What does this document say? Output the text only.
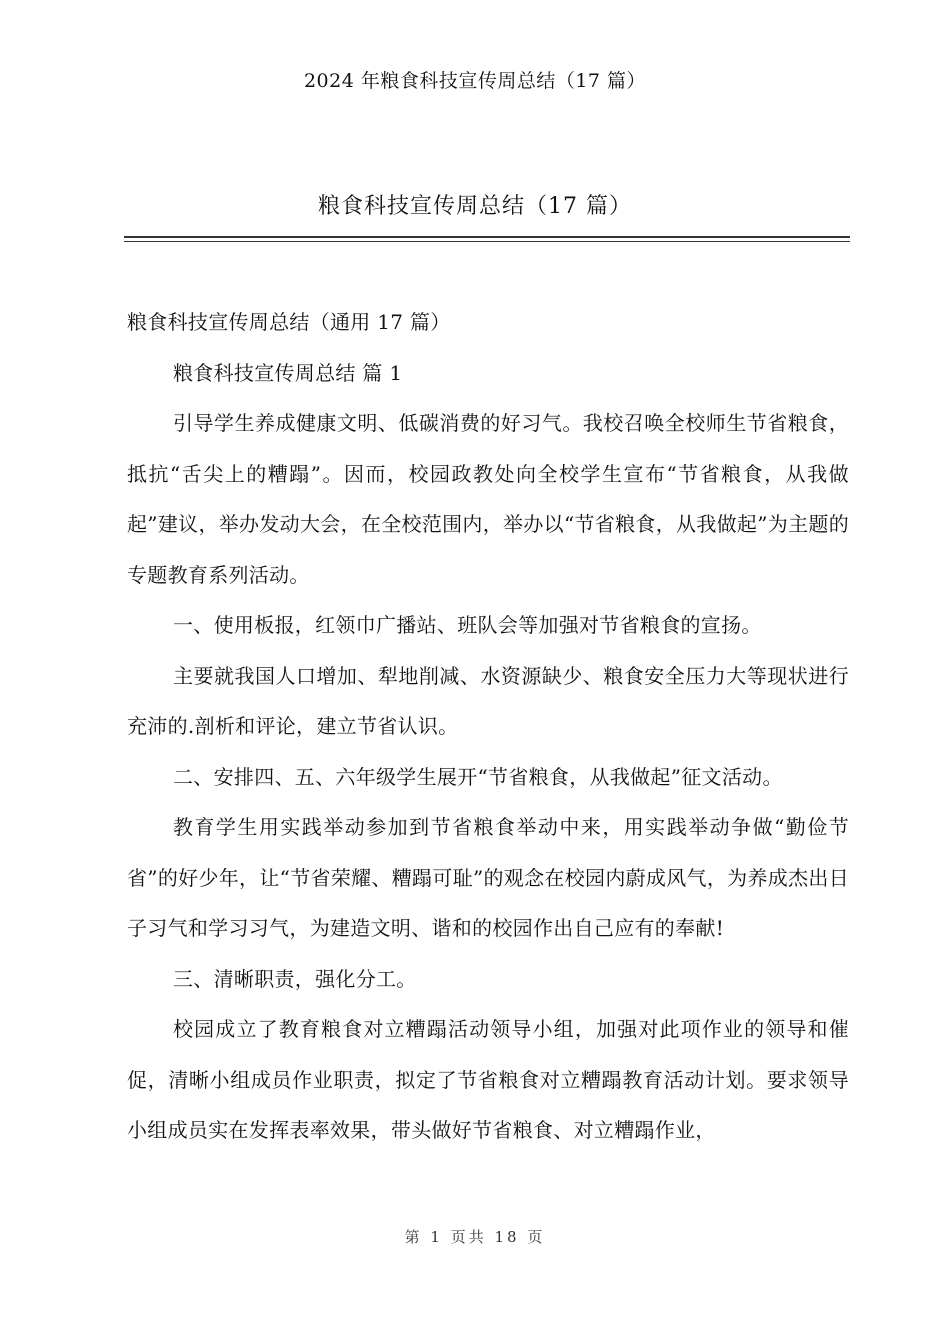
2024 年粮食科技宣传周总结（17 篇）
粮食科技宣传周总结（17 篇）

粮食科技宣传周总结（通用 17 篇）

粮食科技宣传周总结 篇 1

引导学生养成健康文明、低碳消费的好习气。我校召唤全校师生节省粮食，抵抗“舌尖上的糟蹋”。因而，校园政教处向全校学生宣布“节省粮食，从我做起”建议，举办发动大会，在全校范围内，举办以“节省粮食，从我做起”为主题的专题教育系列活动。

一、使用板报，红领巾广播站、班队会等加强对节省粮食的宣扬。

主要就我国人口增加、犁地削减、水资源缺少、粮食安全压力大等现状进行充沛的.剖析和评论，建立节省认识。

二、安排四、五、六年级学生展开“节省粮食，从我做起”征文活动。

教育学生用实践举动参加到节省粮食举动中来，用实践举动争做“勤俭节省”的好少年，让“节省荣耀、糟蹋可耻”的观念在校园内蔚成风气，为养成杰出日子习气和学习习气，为建造文明、谐和的校园作出自己应有的奉献!

三、清晰职责，强化分工。

校园成立了教育粮食对立糟蹋活动领导小组，加强对此项作业的领导和催促，清晰小组成员作业职责，拟定了节省粮食对立糟蹋教育活动计划。要求领导小组成员实在发挥表率效果，带头做好节省粮食、对立糟蹋作业，

第 1 页共 18 页
